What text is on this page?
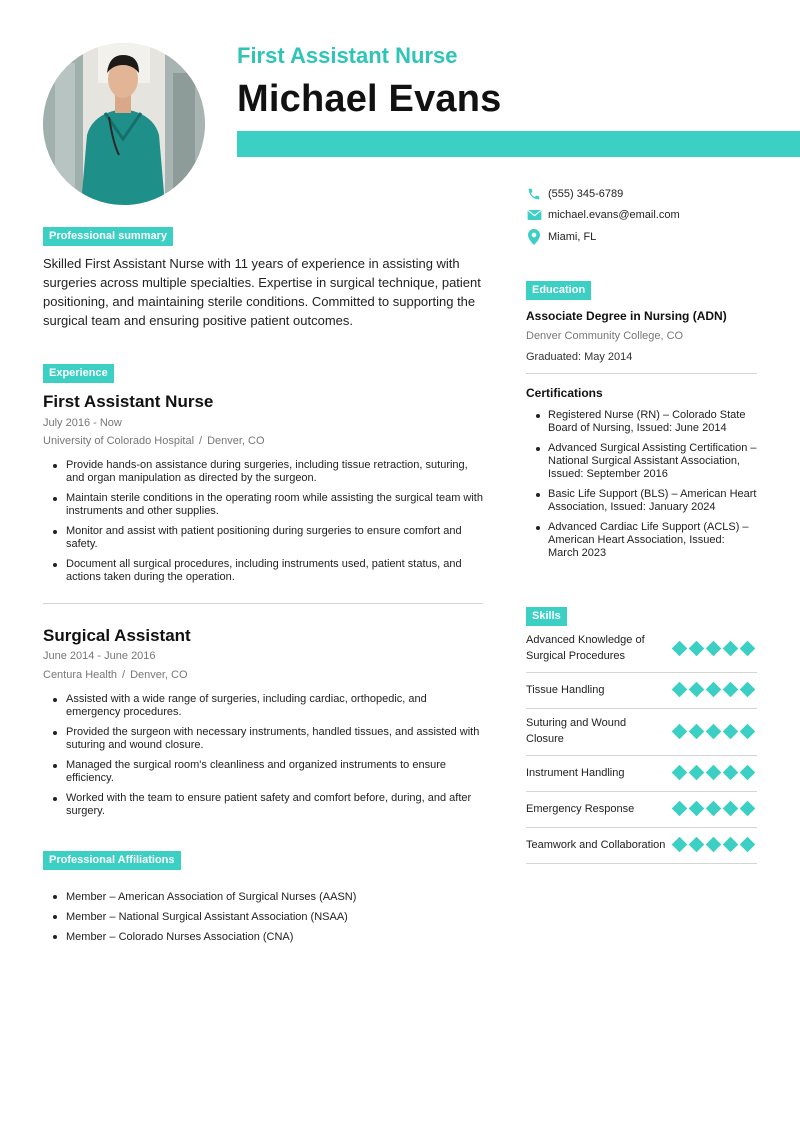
First Assistant Nurse
Michael Evans
(555) 345-6789
michael.evans@email.com
Miami, FL
Professional summary
Skilled First Assistant Nurse with 11 years of experience in assisting with surgeries across multiple specialties. Expertise in surgical technique, patient positioning, and maintaining sterile conditions. Committed to supporting the surgical team and ensuring positive patient outcomes.
Experience
First Assistant Nurse
July 2016 - Now
University of Colorado Hospital / Denver, CO
Provide hands-on assistance during surgeries, including tissue retraction, suturing, and organ manipulation as directed by the surgeon.
Maintain sterile conditions in the operating room while assisting the surgical team with instruments and other supplies.
Monitor and assist with patient positioning during surgeries to ensure comfort and safety.
Document all surgical procedures, including instruments used, patient status, and actions taken during the operation.
Surgical Assistant
June 2014 - June 2016
Centura Health / Denver, CO
Assisted with a wide range of surgeries, including cardiac, orthopedic, and emergency procedures.
Provided the surgeon with necessary instruments, handled tissues, and assisted with suturing and wound closure.
Managed the surgical room's cleanliness and organized instruments to ensure efficiency.
Worked with the team to ensure patient safety and comfort before, during, and after surgery.
Professional Affiliations
Member – American Association of Surgical Nurses (AASN)
Member – National Surgical Assistant Association (NSAA)
Member – Colorado Nurses Association (CNA)
Education
Associate Degree in Nursing (ADN)
Denver Community College, CO
Graduated: May 2014
Certifications
Registered Nurse (RN) – Colorado State Board of Nursing, Issued: June 2014
Advanced Surgical Assisting Certification – National Surgical Assistant Association, Issued: September 2016
Basic Life Support (BLS) – American Heart Association, Issued: January 2024
Advanced Cardiac Life Support (ACLS) – American Heart Association, Issued: March 2023
Skills
Advanced Knowledge of Surgical Procedures
Tissue Handling
Suturing and Wound Closure
Instrument Handling
Emergency Response
Teamwork and Collaboration
